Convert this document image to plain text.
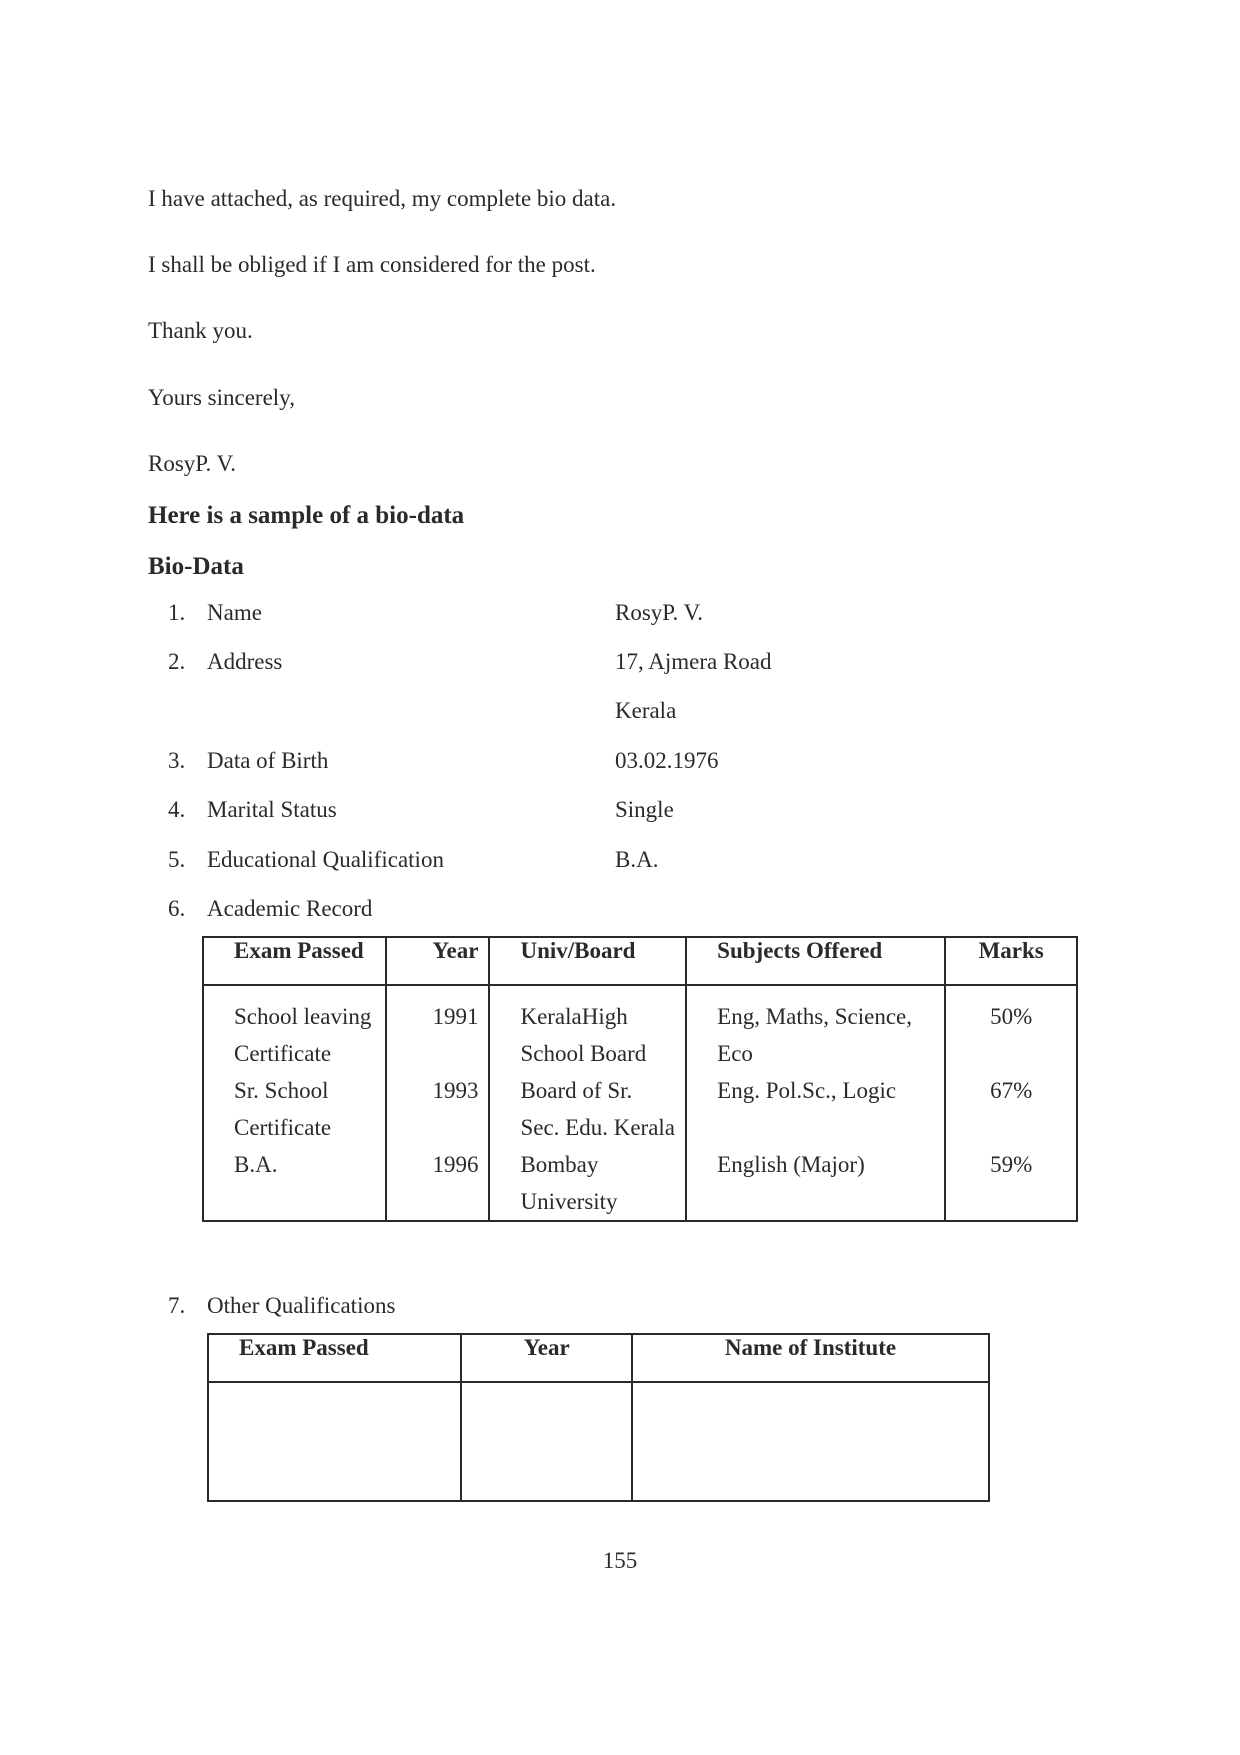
I have attached, as required, my complete bio data.

I shall be obliged if I am considered for the post.

Thank you.

Yours sincerely,

RosyP. V.

Here is a sample of a bio-data
Bio-Data
1. Name	RosyP. V.
2. Address	17, Ajmera Road
Kerala
3. Data of Birth	03.02.1976
4. Marital Status	Single
5. Educational Qualification	B.A.
6. Academic Record
Exam Passed	Year	Univ/Board	Subjects Offered	Marks
School leaving Certificate	1991	KeralaHigh School Board	Eng, Maths, Science, Eco	50%
Sr. School Certificate	1993	Board of Sr. Sec. Edu. Kerala	Eng. Pol.Sc., Logic	67%
B.A.	1996	Bombay University	English (Major)	59%
7. Other Qualifications
Exam Passed	Year	Name of Institute

155
